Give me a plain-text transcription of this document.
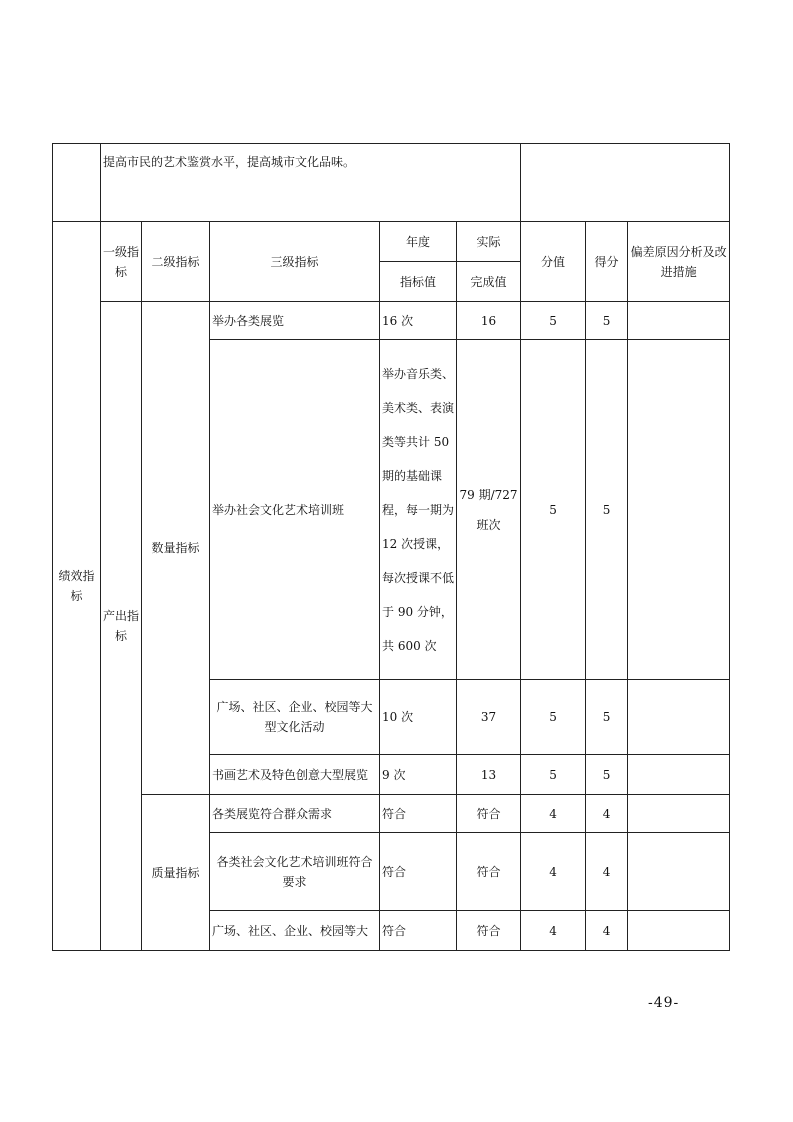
	提高市民的艺术鉴赏水平，提高城市文化品味。							
绩效指标	一级指标	二级指标	三级指标	年度	实际	分值	得分	偏差原因分析及改进措施
				指标值	完成值			
	产出指标	数量指标	举办各类展览	16 次	16	5	5	
			举办社会文化艺术培训班	举办音乐类、美术类、表演类等共计 50 期的基础课程，每一期为 12 次授课，每次授课不低于 90 分钟，共 600 次	79 期/727 班次	5	5	
			广场、社区、企业、校园等大型文化活动	10 次	37	5	5	
			书画艺术及特色创意大型展览	9 次	13	5	5	
		质量指标	各类展览符合群众需求	符合	符合	4	4	
			各类社会文化艺术培训班符合要求	符合	符合	4	4	
			广场、社区、企业、校园等大	符合	符合	4	4	
-49-
